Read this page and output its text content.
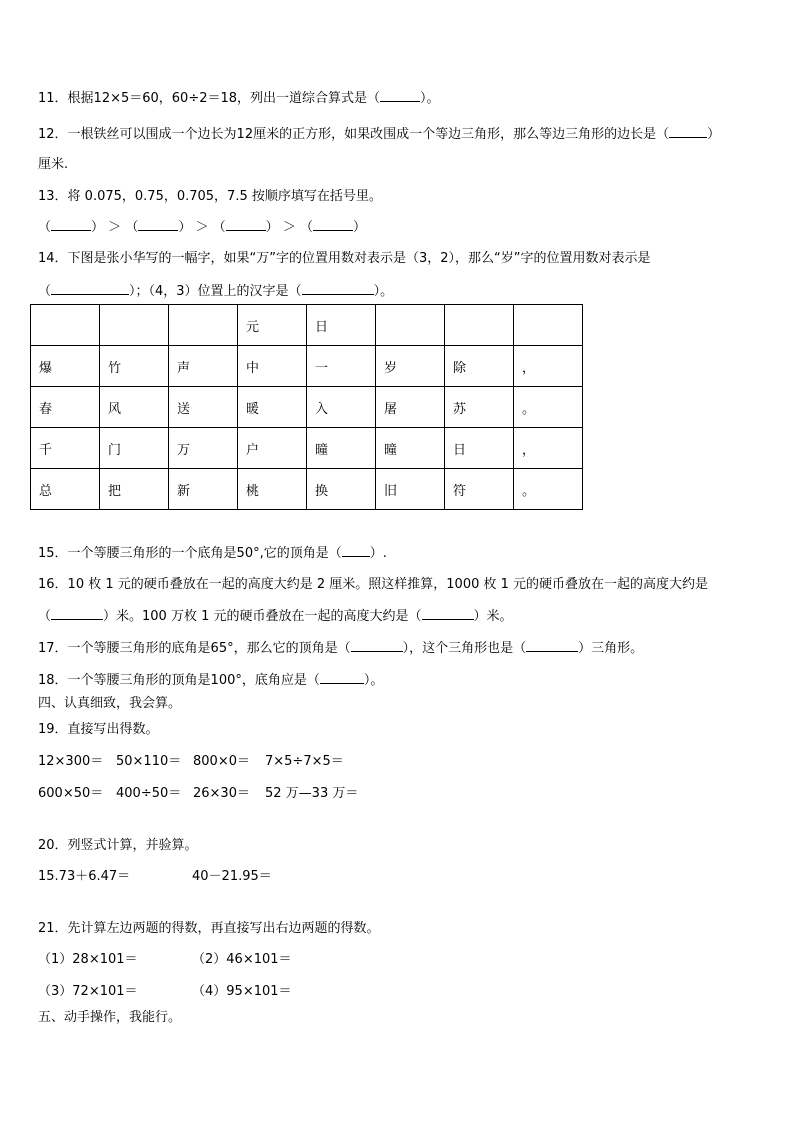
11．根据12×5＝60，60÷2＝18，列出一道综合算式是（	）。
12．一根铁丝可以围成一个边长为12厘米的正方形，如果改围成一个等边三角形，那么等边三角形的边长是（	）
厘米.
13．将 0.075，0.75，0.705，7.5 按顺序填写在括号里。
（	） ＞ （	） ＞ （	） ＞ （	）
14．下图是张小华写的一幅字，如果“万”字的位置用数对表示是（3，2），那么“岁”字的位置用数对表示是
（	）；（4，3）位置上的汉字是（	）。
			元	日			
爆	竹	声	中	一	岁	除	，
春	风	送	暖	入	屠	苏	。
千	门	万	户	曈	曈	日	，
总	把	新	桃	换	旧	符	。
15．一个等腰三角形的一个底角是50°,它的顶角是（ ）.
16．10 枚 1 元的硬币叠放在一起的高度大约是 2 厘米。照这样推算，1000 枚 1 元的硬币叠放在一起的高度大约是
（	）米。100 万枚 1 元的硬币叠放在一起的高度大约是（	）米。
17．一个等腰三角形的底角是65°，那么它的顶角是（	），这个三角形也是（	）三角形。
18．一个等腰三角形的顶角是100°，底角应是（	）。
四、认真细致，我会算。
19．直接写出得数。
12×300＝ 50×110＝ 800×0＝ 7×5÷7×5＝
600×50＝ 400÷50＝ 26×30＝ 52 万—33 万＝
20．列竖式计算，并验算。
15.73＋6.47＝	40－21.95＝
21．先计算左边两题的得数，再直接写出右边两题的得数。
（1）28×101＝	（2）46×101＝
（3）72×101＝	（4）95×101＝
五、动手操作，我能行。
